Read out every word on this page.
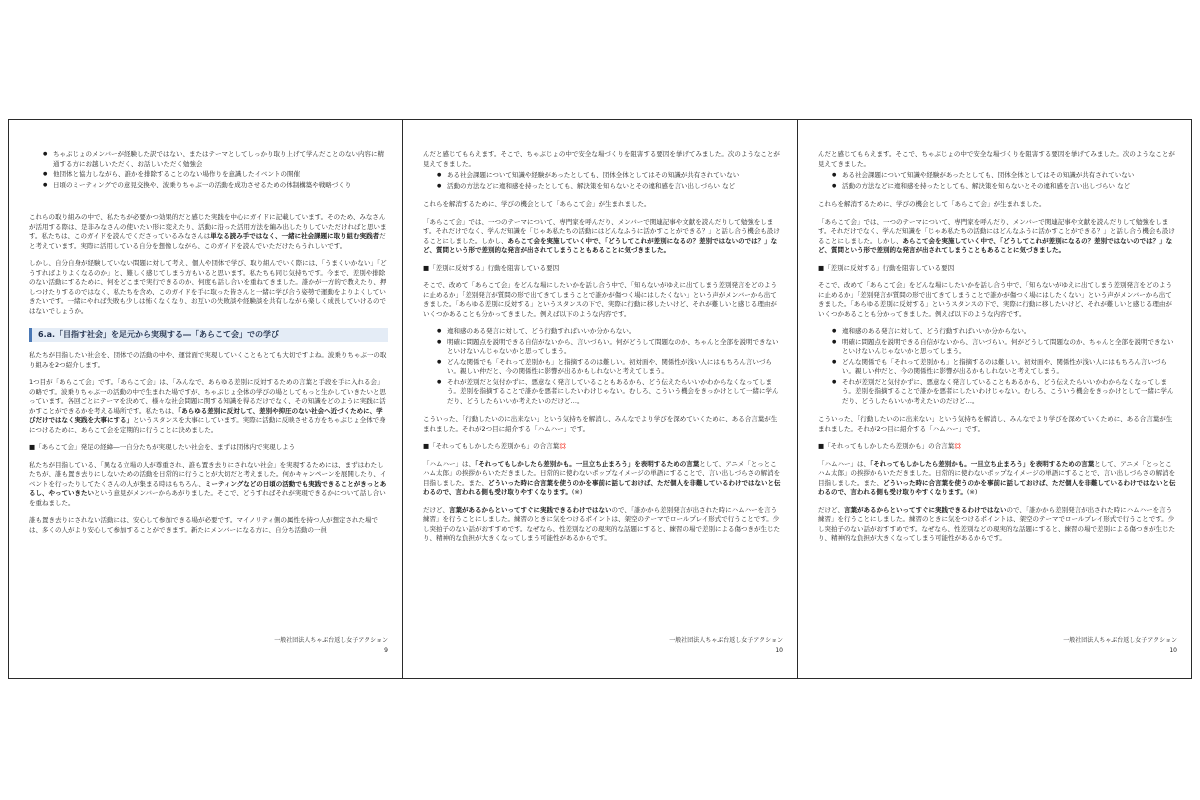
● ちゃぶじょのメンバーが経験した訳ではない、またはテーマとしてしっかり取り上げて学んだことのない内容に精通する方にお越しいただく、お話しいただく勉強会
● 他団体と協力しながら、誰かを排除することのない場作りを意識したイベントの開催
● 日頃のミーティングでの意見交換や、波乗りちゃぶ一の活動を成功させるための体制構築や戦略づくり

これらの取り組みの中で、私たちが必要かつ効果的だと感じた実践を中心にガイドに記載しています。そのため、みなさんが活用する際は、是非みなさんの使いたい形に変えたり、活動に沿った活用方法を編み出したりしていただければと思います。私たちは、このガイドを読んでくださっているみなさんは単なる読み手ではなく、一緒に社会課題に取り組む実践者だと考えています。実際に活用している自分を想像しながら、このガイドを読んでいただけたらうれしいです。

しかし、自分自身が経験していない問題に対して考え、個人や団体で学び、取り組んでいく際には、「うまくいかない」「どうすればよりよくなるのか」と、難しく感じてしまう方もいると思います。私たちも同じ気持ちです。今まで、差別や排除のない活動にするために、何をどこまで実行できるのか、何度も話し合いを重ねてきました。誰かが一方的で教えたり、押しつけたりするのではなく、私たちを含め、このガイドを手に取った皆さんと一緒に学び合う姿勢で運動をよりよくしていきたいです。一緒にやれば失敗も少しは怖くなくなり、お互いの失敗談や経験談を共有しながら楽しく成長していけるのではないでしょうか。

6.a.「目指す社会」を足元から実現する―「あらこて会」での学び

私たちが目指したい社会を、団体での活動の中や、運営面で実現していくこともとても大切ですよね。波乗りちゃぶ一の取り組みを2つ紹介します。

1つ目が「あらこて会」です。「あらこて会」は、「みんなで、あらゆる差別に反対するための言葉と手段を手に入れる会」の略です。波乗りちゃぶ一の活動の中で生まれた場ですが、ちゃぶじょ全体の学びの場としてもっと生かしていきたいと思っています。各回ごとにテーマを決めて、様々な社会問題に関する知識を得るだけでなく、その知識をどのように実践に活かすことができるかを考える場所です。私たちは、「あらゆる差別に反対して、差別や抑圧のない社会へ近づくために、学びだけではなく実践を大事にする」というスタンスを大事にしています。実際に活動に反映させる方をちゃぶじょ全体で身につけるために、あらこて会を定期的に行うことに決めました。

■「あらこて会」発足の経緯―一自分たちが実現したい社会を、まずは団体内で実現しよう

私たちが目指している、「異なる立場の人が尊重され、誰も置き去りにされない社会」を実現するためには、まずはわたしたちが、誰も置き去りにしないための活動を日常的に行うことが大切だと考えました。何かキャンペーンを展開したり、イベントを行ったりしてたくさんの人が集まる時はもちろん、ミーティングなどの日頃の活動でも実践できることがきっとあるし、やっていきたいという意見がメンバーからあがりました。そこで、どうすればそれが実現できるかについて話し合いを重ねました。

誰も置き去りにされない活動には、安心して参加できる場が必要です。マイノリティ側の属性を持つ人が想定された場では、多くの人がより安心して参加することができます。新たにメンバーになる方に、自分ち活動の一員

一般社団法人ちゃぶ台返し女子アクション
9

んだと感じてもらえます。そこで、ちゃぶじょの中で安全な場づくりを阻害する要因を挙げてみました。次のようなことが見えてきました。

● ある社会課題について知識や経験があったとしても、団体全体としてはその知識が共有されていない
● 活動の方法などに違和感を持ったとしても、解決策を知らないとその違和感を言い出しづらい など

これらを解消するために、学びの機会として「あらこて会」が生まれました。

「あらこて会」では、一つのテーマについて、専門家を呼んだり、メンバーで関連記事や文献を読んだりして勉強をします。それだけでなく、学んだ知識を「じゃあ私たちの活動にはどんなふうに活かすことができる？」と話し合う機会も設けることにしました。しかし、あらこて会を実施していく中で、「どうしてこれが差別になるの？差別ではないのでは？」など、質問という形で差別的な発言が出されてしまうこともあることに気づきました。

■「差別に反対する」行動を阻害している要因

そこで、改めて「あらこて会」をどんな場にしたいかを話し合う中で、「知らないがゆえに出てしまう差別発言をどのように止めるか」「差別発言が質問の形で出てきてしまうことで誰かが傷つく場にはしたくない」という声がメンバーから出てきました。「あらゆる差別に反対する」というスタンスの下で、実際に行動に移したいけど、それが難しいと感じる理由がいくつかあることも分かってきました。例えば以下のような内容です。

● 違和感のある発言に対して、どう行動すればいいか分からない。
● 明確に問題点を説明できる自信がないから、言いづらい。何がどうして問題なのか、ちゃんと全部を説明できないといけないんじゃないかと思ってしまう。
● どんな関係でも「それって差別かも」と指摘するのは難しい。初対面や、関係性が浅い人にはもちろん言いづらい。親しい仲だと、今の関係性に影響が出るかもしれないと考えてしまう。
● それが差別だと気付かずに、悪意なく発言していることもあるから、どう伝えたらいいかわからなくなってしまう。差別を指摘することで誰かを悪者にしたいわけじゃない。むしろ、こういう機会をきっかけとして一緒に学んだり、どうしたらいいか考えたいのだけど…。

こういった、「行動したいのに出来ない」という気持ちを解消し、みんなでより学びを深めていくために、ある合言葉が生まれました。それが2つ目に紹介する「ハムハー」です。

■「それってもしかしたら差別かも」の合言葉💢

「ハムハー」は、「それってもしかしたら差別かも。一旦立ち止まろう」を表明するための言葉として、アニメ「とっとこハム太郎」の挨拶からいただきました。日常的に使わないポップなイメージの単語にすることで、言い出しづらさの解消を目指しました。また、どういった時に合言葉を使うのかを事前に話しておけば、ただ個人を非難しているわけではないと伝わるので、言われる側も受け取りやすくなります。(※)

だけど、言葉があるからといってすぐに実践できるわけではないので、「誰かから差別発言が出された時にハムハーを言う練習」を行うことにしました。練習のときに気をつけるポイントは、架空のテーマでロールプレイ形式で行うことです。少し突拍子のない話がおすすめです。なぜなら、性差別などの現実的な話題にすると、練習の場で差別による傷つきが生じたり、精神的な負担が大きくなってしまう可能性があるからです。

一般社団法人ちゃぶ台返し女子アクション
10

んだと感じてもらえます。そこで、ちゃぶじょの中で安全な場づくりを阻害する要因を挙げてみました。次のようなことが見えてきました。

● ある社会課題について知識や経験があったとしても、団体全体としてはその知識が共有されていない
● 活動の方法などに違和感を持ったとしても、解決策を知らないとその違和感を言い出しづらい など

これらを解消するために、学びの機会として「あらこて会」が生まれました。

「あらこて会」では、一つのテーマについて、専門家を呼んだり、メンバーで関連記事や文献を読んだりして勉強をします。それだけでなく、学んだ知識を「じゃあ私たちの活動にはどんなふうに活かすことができる？」と話し合う機会も設けることにしました。しかし、あらこて会を実施していく中で、「どうしてこれが差別になるの？差別ではないのでは？」など、質問という形で差別的な発言が出されてしまうこともあることに気づきました。

■「差別に反対する」行動を阻害している要因

そこで、改めて「あらこて会」をどんな場にしたいかを話し合う中で、「知らないがゆえに出てしまう差別発言をどのように止めるか」「差別発言が質問の形で出てきてしまうことで誰かが傷つく場にはしたくない」という声がメンバーから出てきました。「あらゆる差別に反対する」というスタンスの下で、実際に行動に移したいけど、それが難しいと感じる理由がいくつかあることも分かってきました。例えば以下のような内容です。

● 違和感のある発言に対して、どう行動すればいいか分からない。
● 明確に問題点を説明できる自信がないから、言いづらい。何がどうして問題なのか、ちゃんと全部を説明できないといけないんじゃないかと思ってしまう。
● どんな関係でも「それって差別かも」と指摘するのは難しい。初対面や、関係性が浅い人にはもちろん言いづらい。親しい仲だと、今の関係性に影響が出るかもしれないと考えてしまう。
● それが差別だと気付かずに、悪意なく発言していることもあるから、どう伝えたらいいかわからなくなってしまう。差別を指摘することで誰かを悪者にしたいわけじゃない。むしろ、こういう機会をきっかけとして一緒に学んだり、どうしたらいいか考えたいのだけど…。

こういった、「行動したいのに出来ない」という気持ちを解消し、みんなでより学びを深めていくために、ある合言葉が生まれました。それが2つ目に紹介する「ハムハー」です。

■「それってもしかしたら差別かも」の合言葉💢

「ハムハー」は、「それってもしかしたら差別かも。一旦立ち止まろう」を表明するための言葉として、アニメ「とっとこハム太郎」の挨拶からいただきました。日常的に使わないポップなイメージの単語にすることで、言い出しづらさの解消を目指しました。また、どういった時に合言葉を使うのかを事前に話しておけば、ただ個人を非難しているわけではないと伝わるので、言われる側も受け取りやすくなります。(※)

だけど、言葉があるからといってすぐに実践できるわけではないので、「誰かから差別発言が出された時にハムハーを言う練習」を行うことにしました。練習のときに気をつけるポイントは、架空のテーマでロールプレイ形式で行うことです。少し突拍子のない話がおすすめです。なぜなら、性差別などの現実的な話題にすると、練習の場で差別による傷つきが生じたり、精神的な負担が大きくなってしまう可能性があるからです。

一般社団法人ちゃぶ台返し女子アクション
10
